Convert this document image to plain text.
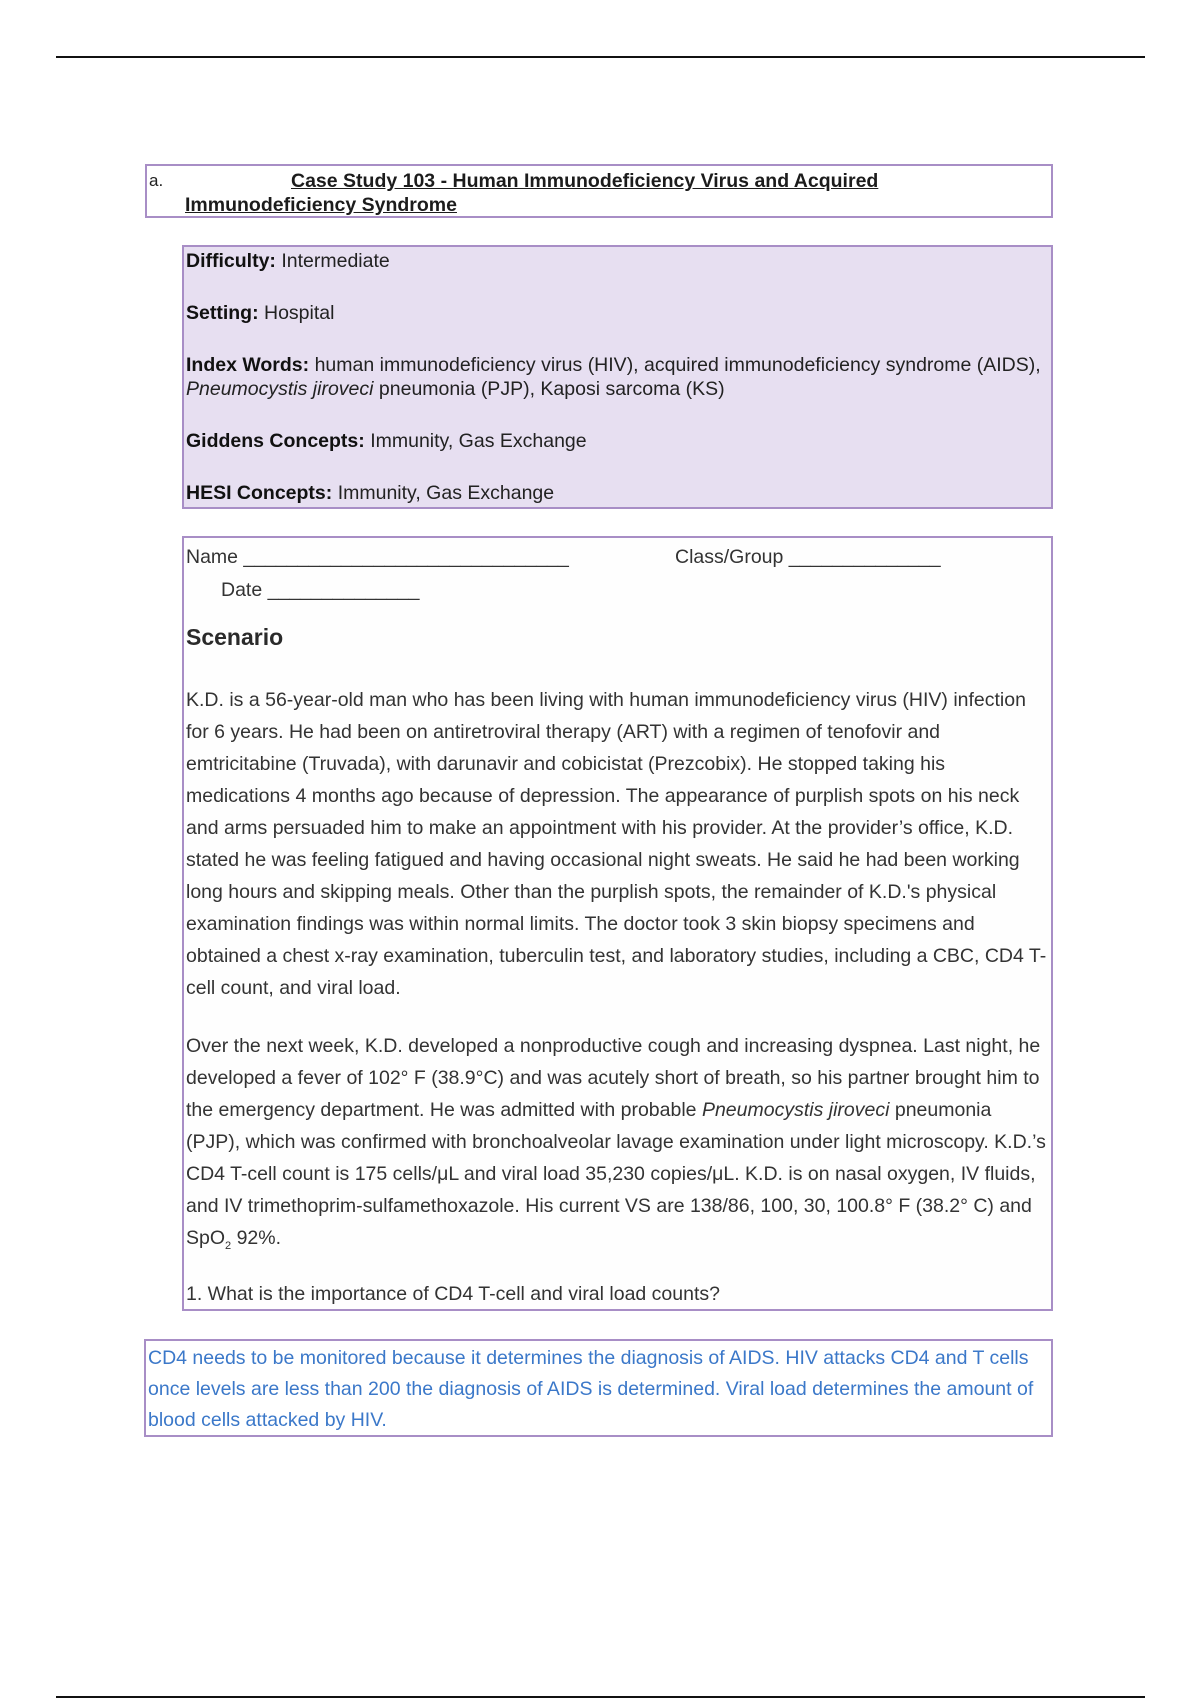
a.	Case Study 103 - Human Immunodeficiency Virus and Acquired Immunodeficiency Syndrome
Difficulty: Intermediate
Setting: Hospital
Index Words: human immunodeficiency virus (HIV), acquired immunodeficiency syndrome (AIDS), Pneumocystis jiroveci pneumonia (PJP), Kaposi sarcoma (KS)
Giddens Concepts: Immunity, Gas Exchange
HESI Concepts: Immunity, Gas Exchange
Name ______________________________	Class/Group ______________
Date ______________
Scenario
K.D. is a 56-year-old man who has been living with human immunodeficiency virus (HIV) infection for 6 years. He had been on antiretroviral therapy (ART) with a regimen of tenofovir and emtricitabine (Truvada), with darunavir and cobicistat (Prezcobix). He stopped taking his medications 4 months ago because of depression. The appearance of purplish spots on his neck and arms persuaded him to make an appointment with his provider. At the provider’s office, K.D. stated he was feeling fatigued and having occasional night sweats. He said he had been working long hours and skipping meals. Other than the purplish spots, the remainder of K.D.'s physical examination findings was within normal limits. The doctor took 3 skin biopsy specimens and obtained a chest x-ray examination, tuberculin test, and laboratory studies, including a CBC, CD4 T-cell count, and viral load.
Over the next week, K.D. developed a nonproductive cough and increasing dyspnea. Last night, he developed a fever of 102° F (38.9°C) and was acutely short of breath, so his partner brought him to the emergency department. He was admitted with probable Pneumocystis jiroveci pneumonia (PJP), which was confirmed with bronchoalveolar lavage examination under light microscopy. K.D.’s CD4 T-cell count is 175 cells/μL and viral load 35,230 copies/μL. K.D. is on nasal oxygen, IV fluids, and IV trimethoprim-sulfamethoxazole. His current VS are 138/86, 100, 30, 100.8° F (38.2° C) and SpO$_2$ 92%.
1. What is the importance of CD4 T-cell and viral load counts?
CD4 needs to be monitored because it determines the diagnosis of AIDS. HIV attacks CD4 and T cells once levels are less than 200 the diagnosis of AIDS is determined. Viral load determines the amount of blood cells attacked by HIV.
